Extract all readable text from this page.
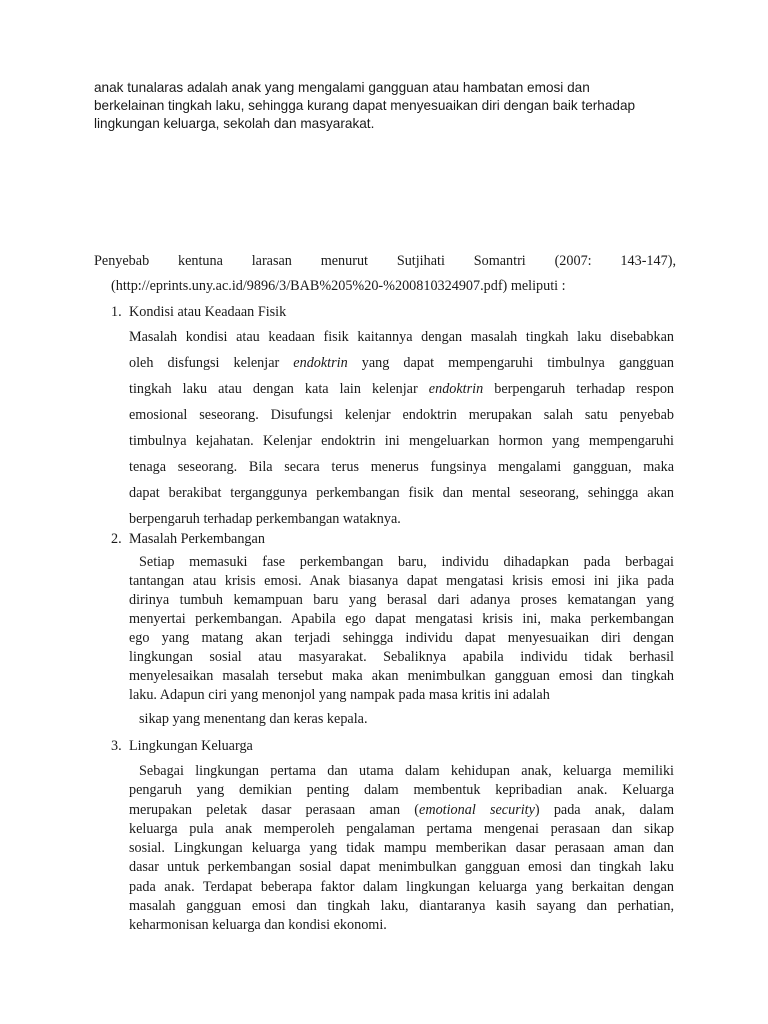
anak tunalaras adalah anak yang mengalami gangguan atau hambatan emosi dan
berkelainan tingkah laku, sehingga kurang dapat menyesuaikan diri dengan baik terhadap
lingkungan keluarga, sekolah dan masyarakat.
Penyebab kentuna larasan menurut Sutjihati Somantri (2007: 143-147),
(http://eprints.uny.ac.id/9896/3/BAB%205%20-%200810324907.pdf) meliputi :
1. Kondisi atau Keadaan Fisik
Masalah kondisi atau keadaan fisik kaitannya dengan masalah tingkah laku disebabkan
oleh disfungsi kelenjar endoktrin yang dapat mempengaruhi timbulnya gangguan
tingkah laku atau dengan kata lain kelenjar endoktrin berpengaruh terhadap respon
emosional seseorang. Disufungsi kelenjar endoktrin merupakan salah satu penyebab
timbulnya kejahatan. Kelenjar endoktrin ini mengeluarkan hormon yang mempengaruhi
tenaga seseorang. Bila secara terus menerus fungsinya mengalami gangguan, maka
dapat berakibat terganggunya perkembangan fisik dan mental seseorang, sehingga akan
berpengaruh terhadap perkembangan wataknya.
2. Masalah Perkembangan
Setiap memasuki fase perkembangan baru, individu dihadapkan pada berbagai
tantangan atau krisis emosi. Anak biasanya dapat mengatasi krisis emosi ini jika pada
dirinya tumbuh kemampuan baru yang berasal dari adanya proses kematangan yang
menyertai perkembangan. Apabila ego dapat mengatasi krisis ini, maka perkembangan
ego yang matang akan terjadi sehingga individu dapat menyesuaikan diri dengan
lingkungan sosial atau masyarakat. Sebaliknya apabila individu tidak berhasil
menyelesaikan masalah tersebut maka akan menimbulkan gangguan emosi dan tingkah
laku. Adapun ciri yang menonjol yang nampak pada masa kritis ini adalah
sikap yang menentang dan keras kepala.
3. Lingkungan Keluarga
Sebagai lingkungan pertama dan utama dalam kehidupan anak, keluarga memiliki
pengaruh yang demikian penting dalam membentuk kepribadian anak. Keluarga
merupakan peletak dasar perasaan aman (emotional security) pada anak, dalam
keluarga pula anak memperoleh pengalaman pertama mengenai perasaan dan sikap
sosial. Lingkungan keluarga yang tidak mampu memberikan dasar perasaan aman dan
dasar untuk perkembangan sosial dapat menimbulkan gangguan emosi dan tingkah laku
pada anak. Terdapat beberapa faktor dalam lingkungan keluarga yang berkaitan dengan
masalah gangguan emosi dan tingkah laku, diantaranya kasih sayang dan perhatian,
keharmonisan keluarga dan kondisi ekonomi.
